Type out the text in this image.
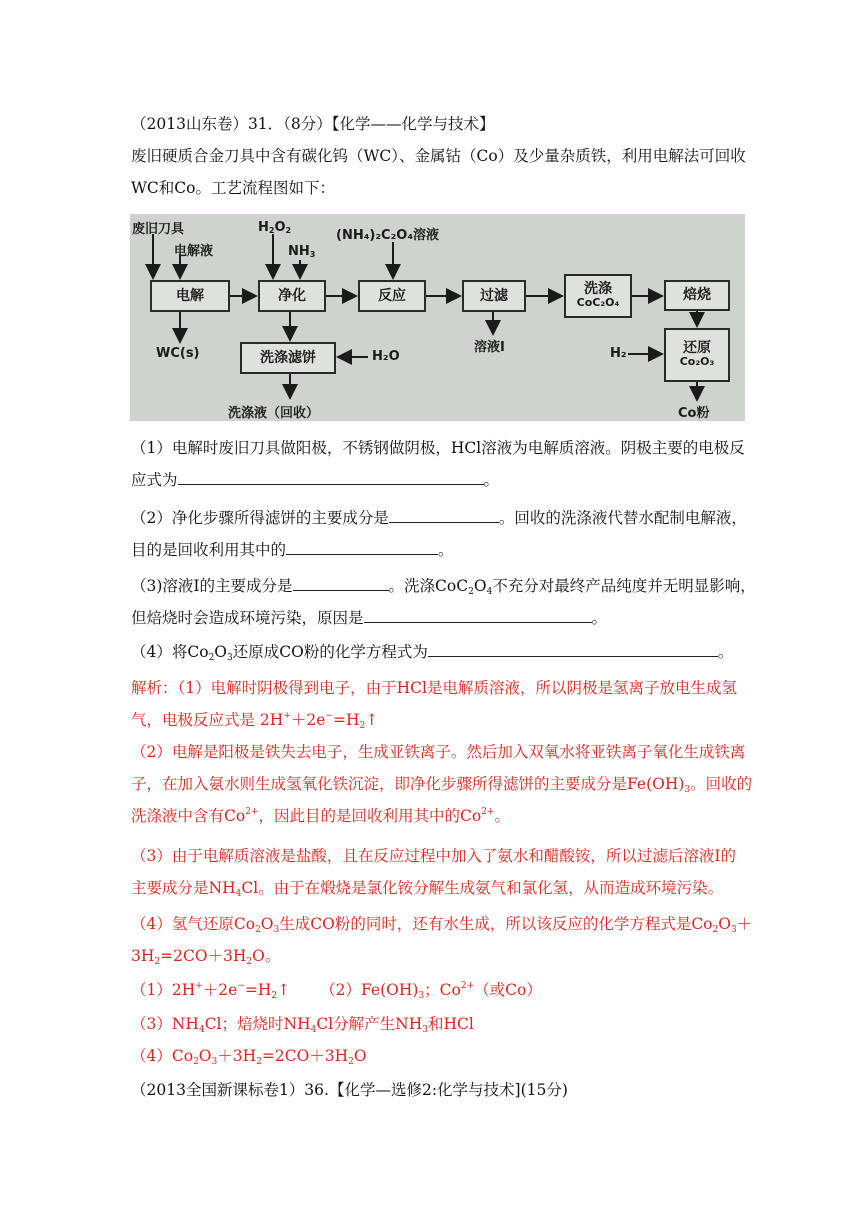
（2013山东卷）31．（8分）【化学——化学与技术】
废旧硬质合金刀具中含有碳化钨（WC）、金属钴（Co）及少量杂质铁，利用电解法可回收
WC和Co。工艺流程图如下：
废旧刀具
电解液
$H_2O_2$
$NH_3$
(NH₄)₂C₂O₄溶液
电解	净化	反应	过滤	洗涤
CoC₂O₄	焙烧
还原
Co₂O₃
洗涤滤饼
WC(s)	溶液Ⅰ
H₂O	H₂
洗涤液（回收）	Co粉
（1）电解时废旧刀具做阳极，不锈钢做阴极，HCl溶液为电解质溶液。阴极主要的电极反
应式为	。
（2）净化步骤所得滤饼的主要成分是	。回收的洗涤液代替水配制电解液，
目的是回收利用其中的	。
（3)溶液Ⅰ的主要成分是	。洗涤$CoC_2O_4$不充分对最终产品纯度并无明显影响，
但焙烧时会造成环境污染，原因是	。
（4）将$Co_2O_3$还原成CO粉的化学方程式为	。
解析：（1）电解时阴极得到电子，由于HCl是电解质溶液，所以阴极是氢离子放电生成氢
气，电极反应式是 $2H^++2e^-=H_2↑$
（2）电解是阳极是铁失去电子，生成亚铁离子。然后加入双氧水将亚铁离子氧化生成铁离
子，在加入氨水则生成氢氧化铁沉淀，即净化步骤所得滤饼的主要成分是$Fe(OH)_3$。回收的
洗涤液中含有$Co^{2+}$，因此目的是回收利用其中的$Co^{2+}$。
（3）由于电解质溶液是盐酸，且在反应过程中加入了氨水和醋酸铵，所以过滤后溶液Ⅰ的
主要成分是$NH_4Cl$。由于在煅烧是氯化铵分解生成氨气和氯化氢，从而造成环境污染。
（4）氢气还原$Co_2O_3$生成CO粉的同时，还有水生成，所以该反应的化学方程式是$Co_2O_3+$
$3H_2=2CO+3H_2O$。
$(1)2H^++2e^-=H_2↑$ $(2)Fe(OH)_3$；$Co^{2+}$（或Co）
$(3)NH_4Cl$；焙烧时$NH_4Cl$分解产生$NH_3$和HCl
$(4)Co_2O_3+3H_2=2CO+3H_2O$
（2013全国新课标卷1）36.【化学—选修2:化学与技术](15分)
